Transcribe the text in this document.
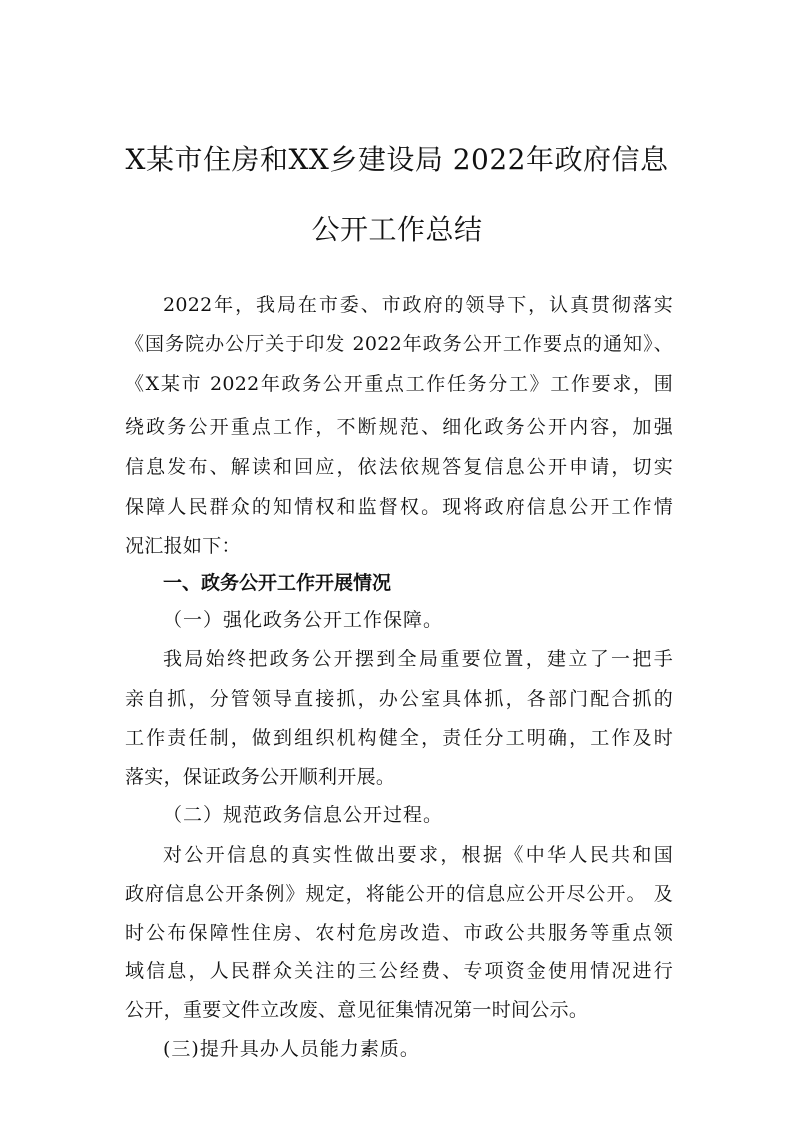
X某市住房和XX乡建设局 2022年政府信息
公开工作总结
2022年，我局在市委、市政府的领导下，认真贯彻落实
《国务院办公厅关于印发 2022年政务公开工作要点的通知》、
《X某市 2022年政务公开重点工作任务分工》工作要求，围
绕政务公开重点工作，不断规范、细化政务公开内容，加强
信息发布、解读和回应，依法依规答复信息公开申请，切实
保障人民群众的知情权和监督权。现将政府信息公开工作情
况汇报如下：
一、政务公开工作开展情况
（一）强化政务公开工作保障。
我局始终把政务公开摆到全局重要位置，建立了一把手
亲自抓，分管领导直接抓，办公室具体抓，各部门配合抓的
工作责任制，做到组织机构健全，责任分工明确，工作及时
落实，保证政务公开顺利开展。
（二）规范政务信息公开过程。
对公开信息的真实性做出要求，根据《中华人民共和国
政府信息公开条例》规定，将能公开的信息应公开尽公开。 及
时公布保障性住房、农村危房改造、市政公共服务等重点领
域信息，人民群众关注的三公经费、专项资金使用情况进行
公开，重要文件立改废、意见征集情况第一时间公示。
(三)提升具办人员能力素质。
